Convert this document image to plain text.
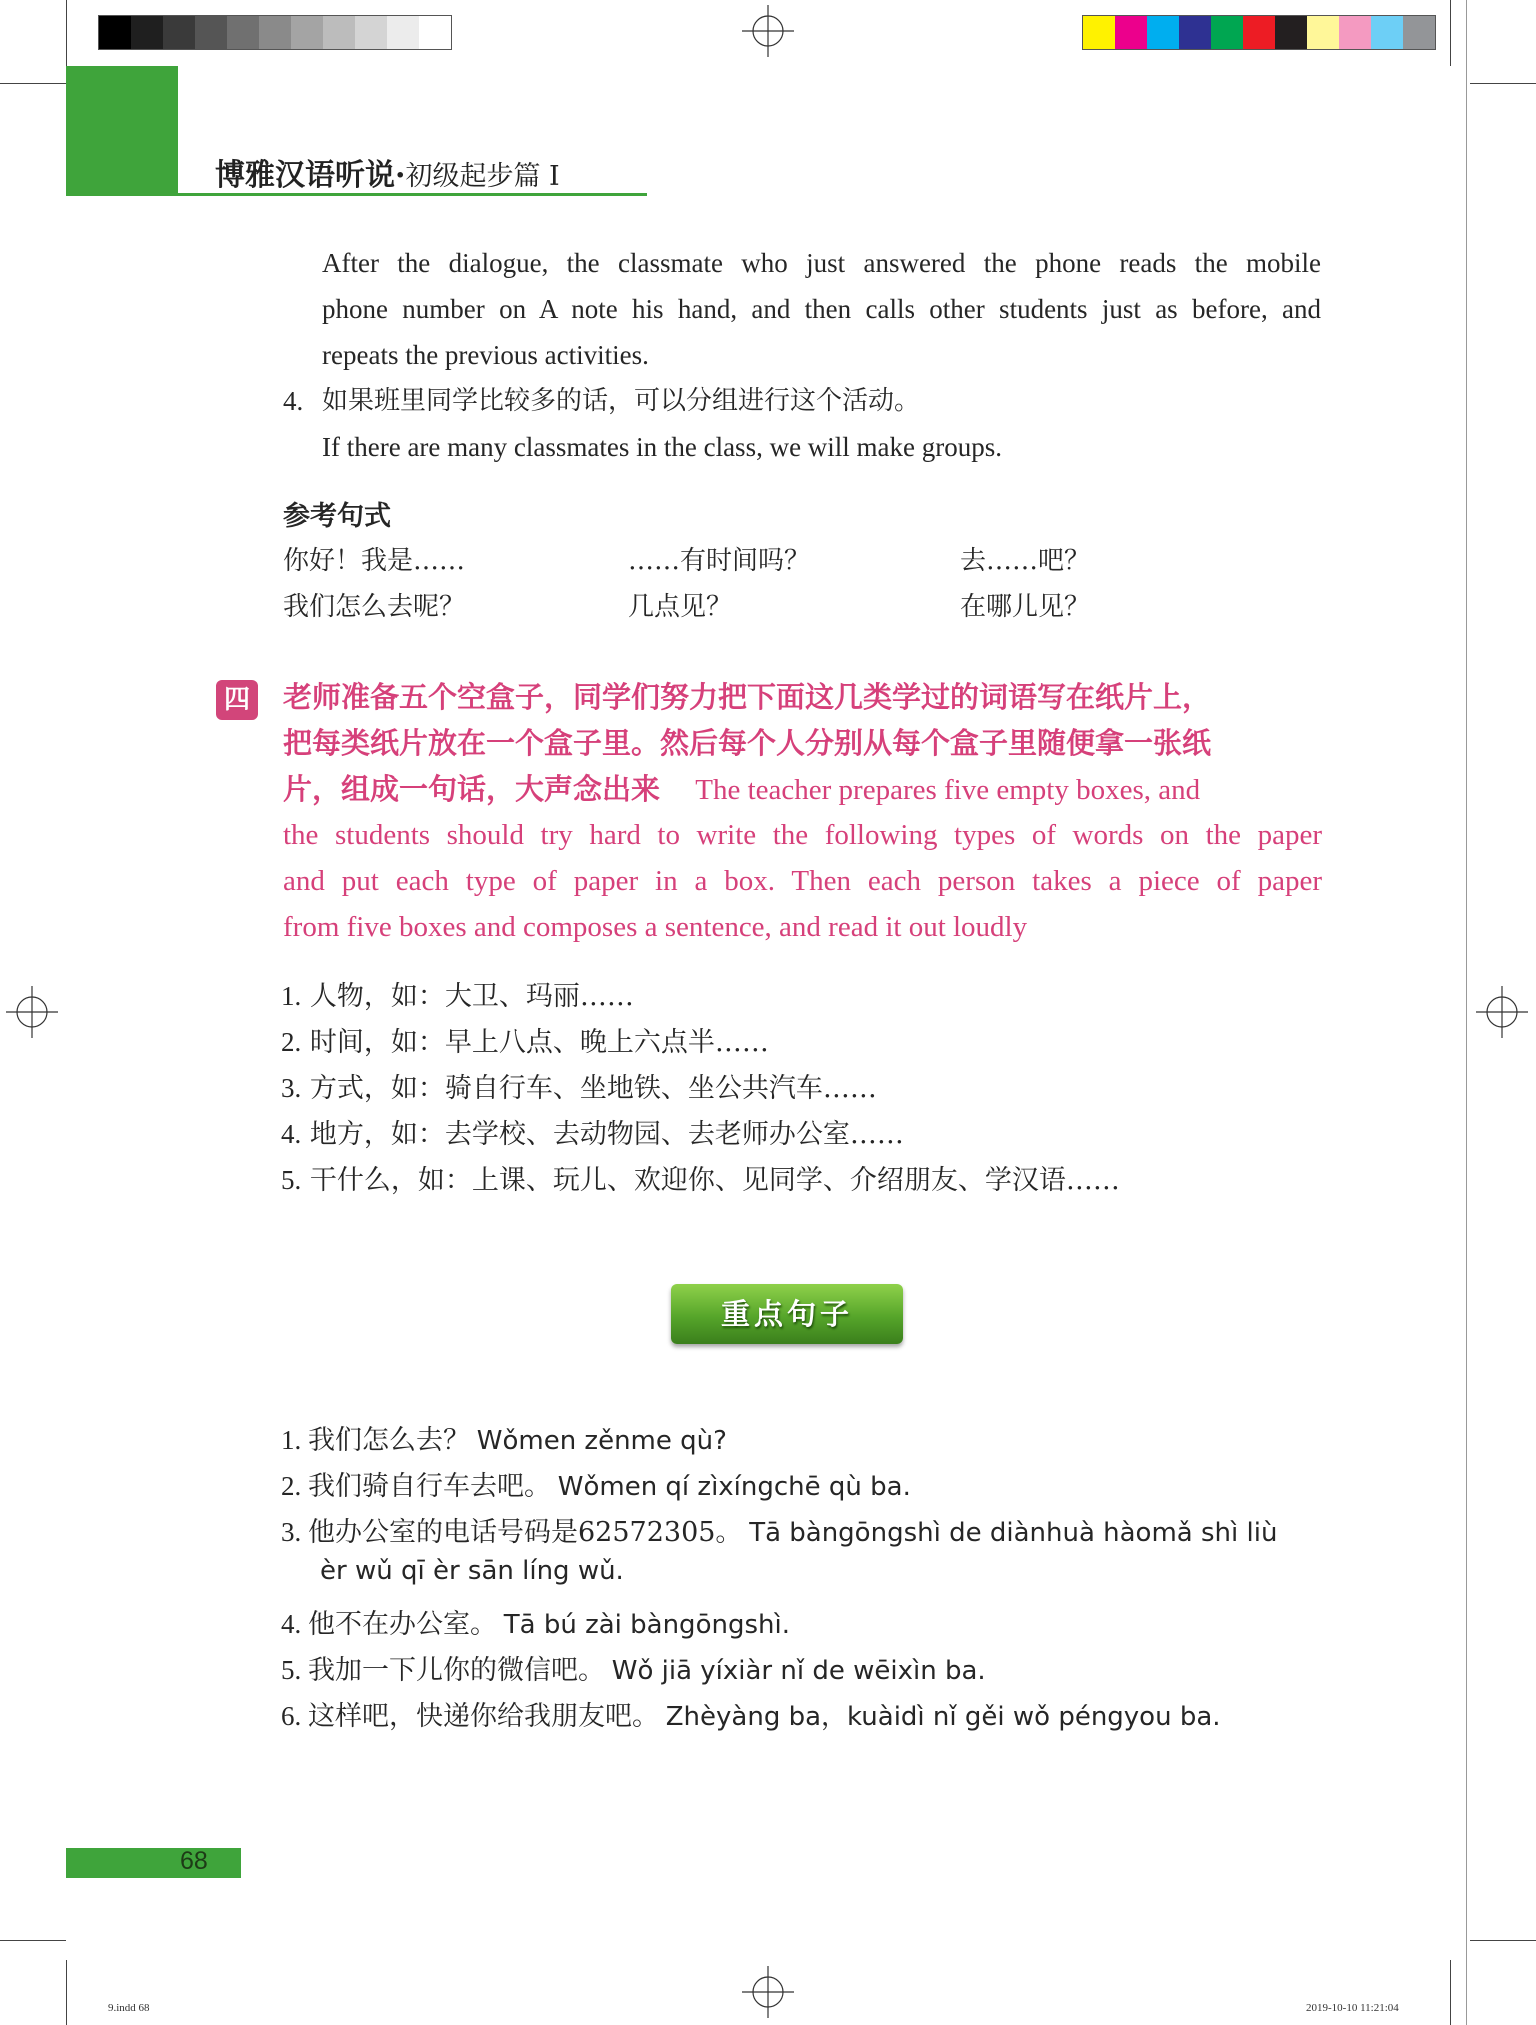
博雅汉语听说·初级起步篇 I
After the dialogue, the classmate who just answered the phone reads the mobile
phone number on A note his hand, and then calls other students just as before, and
repeats the previous activities.
4. 如果班里同学比较多的话，可以分组进行这个活动。
If there are many classmates in the class, we will make groups.
参考句式
你好！我是……	……有时间吗？	去……吧？
我们怎么去呢？	几点见？	在哪儿见？
四 老师准备五个空盒子，同学们努力把下面这几类学过的词语写在纸片上，
把每类纸片放在一个盒子里。然后每个人分别从每个盒子里随便拿一张纸
片，组成一句话，大声念出来 The teacher prepares five empty boxes, and
the students should try hard to write the following types of words on the paper
and put each type of paper in a box. Then each person takes a piece of paper
from five boxes and composes a sentence, and read it out loudly
1. 人物，如：大卫、玛丽……
2. 时间，如：早上八点、晚上六点半……
3. 方式，如：骑自行车、坐地铁、坐公共汽车……
4. 地方，如：去学校、去动物园、去老师办公室……
5. 干什么，如：上课、玩儿、欢迎你、见同学、介绍朋友、学汉语……
重点句子
1. 我们怎么去？ Wǒmen zěnme qù?
2. 我们骑自行车去吧。 Wǒmen qí zìxíngchē qù ba.
3. 他办公室的电话号码是62572305。 Tā bàngōngshì de diànhuà hàomǎ shì liù
èr wǔ qī èr sān líng wǔ.
4. 他不在办公室。 Tā bú zài bàngōngshì.
5. 我加一下儿你的微信吧。 Wǒ jiā yíxiàr nǐ de wēixìn ba.
6. 这样吧，快递你给我朋友吧。 Zhèyàng ba，kuàidì nǐ gěi wǒ péngyou ba.
68
9.indd 68	2019-10-10 11:21:04
